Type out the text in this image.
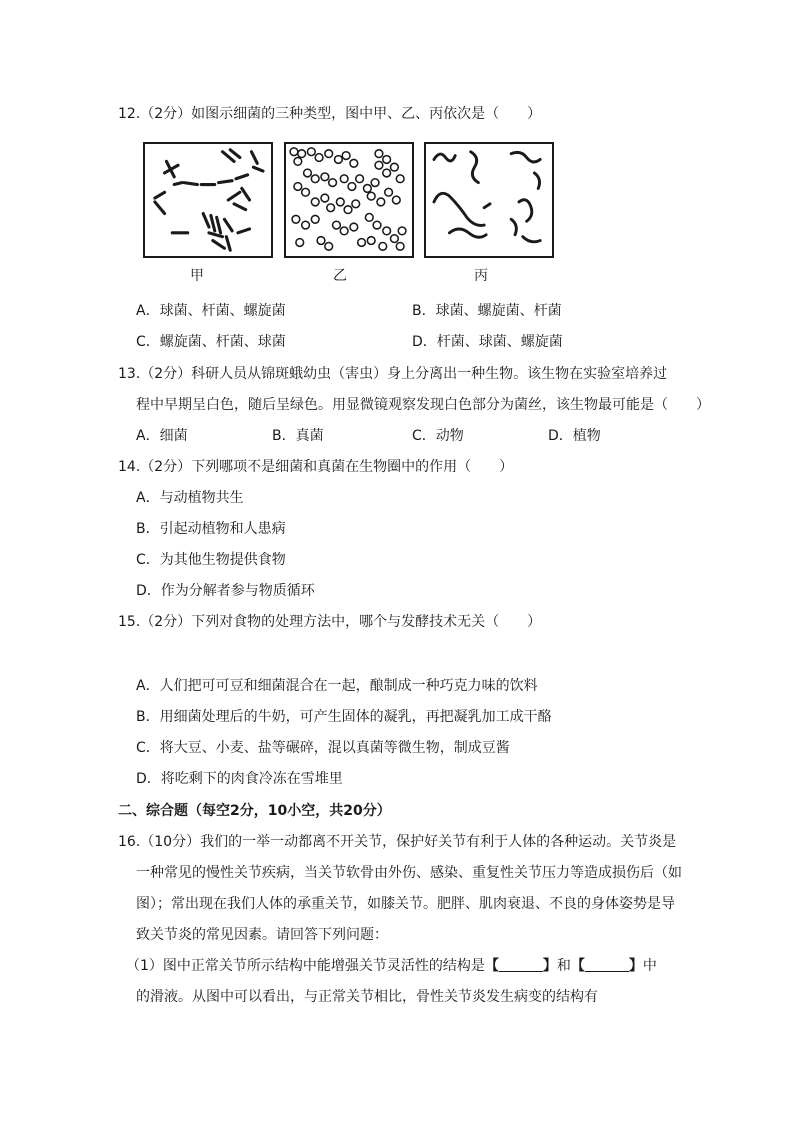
12.（2分）如图示细菌的三种类型，图中甲、乙、丙依次是（　　）
甲	乙	丙
A．球菌、杆菌、螺旋菌	B．球菌、螺旋菌、杆菌
C．螺旋菌、杆菌、球菌	D．杆菌、球菌、螺旋菌
13.（2分）科研人员从锦斑蛾幼虫（害虫）身上分离出一种生物。该生物在实验室培养过
程中早期呈白色，随后呈绿色。用显微镜观察发现白色部分为菌丝，该生物最可能是（　　）
A．细菌	B．真菌	C．动物	D．植物
14.（2分）下列哪项不是细菌和真菌在生物圈中的作用（　　）
A．与动植物共生
B．引起动植物和人患病
C．为其他生物提供食物
D．作为分解者参与物质循环
15.（2分）下列对食物的处理方法中，哪个与发酵技术无关（　　）
A．人们把可可豆和细菌混合在一起，酿制成一种巧克力味的饮料
B．用细菌处理后的牛奶，可产生固体的凝乳，再把凝乳加工成干酪
C．将大豆、小麦、盐等碾碎，混以真菌等微生物，制成豆酱
D．将吃剩下的肉食冷冻在雪堆里
二、综合题（每空2分，10小空，共20分）
16.（10分）我们的一举一动都离不开关节，保护好关节有利于人体的各种运动。关节炎是
一种常见的慢性关节疾病，当关节软骨由外伤、感染、重复性关节压力等造成损伤后（如
图）；常出现在我们人体的承重关节，如膝关节。肥胖、肌肉衰退、不良的身体姿势是导
致关节炎的常见因素。请回答下列问题：
（1）图中正常关节所示结构中能增强关节灵活性的结构是【	】和【	】中
的滑液。从图中可以看出，与正常关节相比，骨性关节炎发生病变的结构有
